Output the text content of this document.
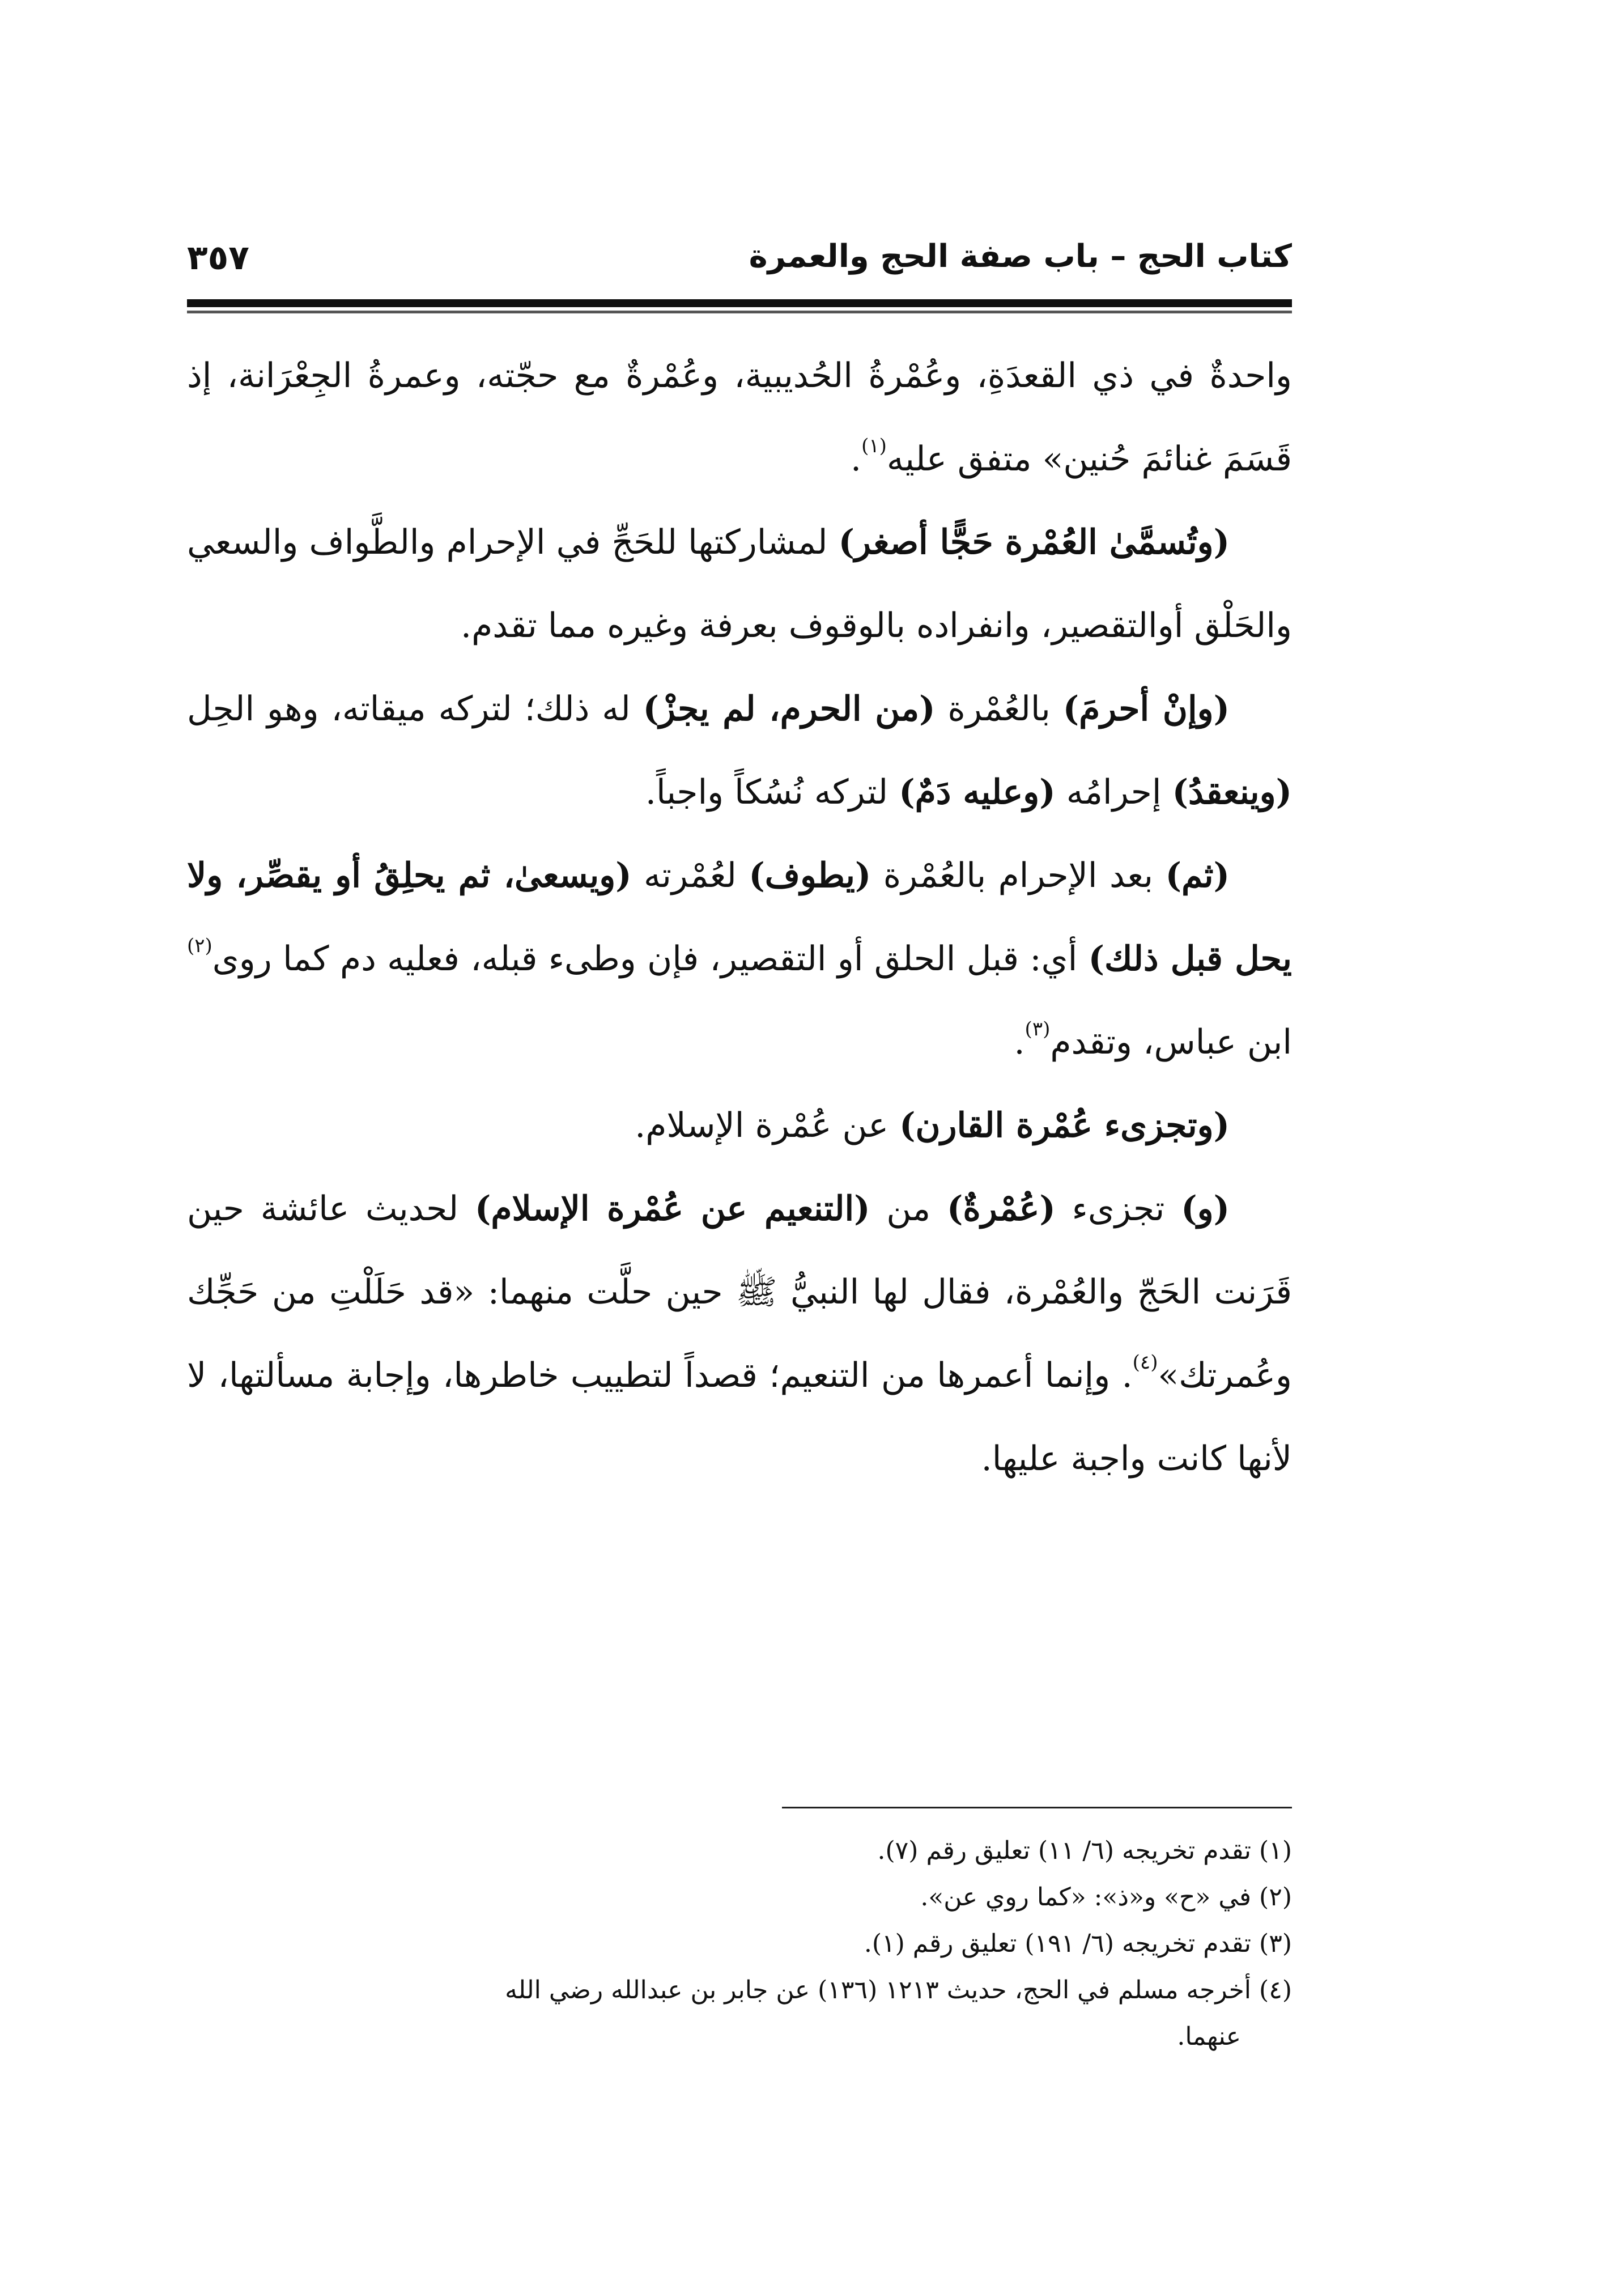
٣٥٧	كتاب الحج – باب صفة الحج والعمرة

واحدةٌ في ذي القعدَةِ، وعُمْرةُ الحُديبية، وعُمْرةٌ مع حجّته، وعمرةُ الجِعْرَانة، إذ قَسَمَ غنائمَ حُنين» متفق عليه$^{(١)}$.

(وتُسمَّىٰ العُمْرة حَجًّا أصغر) لمشاركتها للحَجِّ في الإحرام والطَّواف والسعي والحَلْق أوالتقصير، وانفراده بالوقوف بعرفة وغيره مما تقدم.

(وإنْ أحرمَ) بالعُمْرة (من الحرم، لم يجزْ) له ذلك؛ لتركه ميقاته، وهو الحِل (وينعقدُ) إحرامُه (وعليه دَمٌ) لتركه نُسُكاً واجباً.

(ثم) بعد الإحرام بالعُمْرة (يطوف) لعُمْرته (ويسعىٰ، ثم يحلِقُ أو يقصِّر، ولا يحل قبل ذلك) أي: قبل الحلق أو التقصير، فإن وطىء قبله، فعليه دم كما روى$^{(٢)}$ ابن عباس، وتقدم$^{(٣)}$.

(وتجزىء عُمْرة القارن) عن عُمْرة الإسلام.

(و) تجزىء (عُمْرةٌ) من (التنعيم عن عُمْرة الإسلام) لحديث عائشة حين قَرَنت الحَجّ والعُمْرة، فقال لها النبيُّ ﷺ حين حلَّت منهما: «قد حَلَلْتِ من حَجِّك وعُمرتك»$^{(٤)}$. وإنما أعمرها من التنعيم؛ قصداً لتطييب خاطرها، وإجابة مسألتها، لا لأنها كانت واجبة عليها.

(١) تقدم تخريجه (٦/ ١١) تعليق رقم (٧).

(٢) في «ح» و«ذ»: «كما روي عن».

(٣) تقدم تخريجه (٦/ ١٩١) تعليق رقم (١).

(٤) أخرجه مسلم في الحج، حديث ١٢١٣ (١٣٦) عن جابر بن عبدالله رضي الله

عنهما.
